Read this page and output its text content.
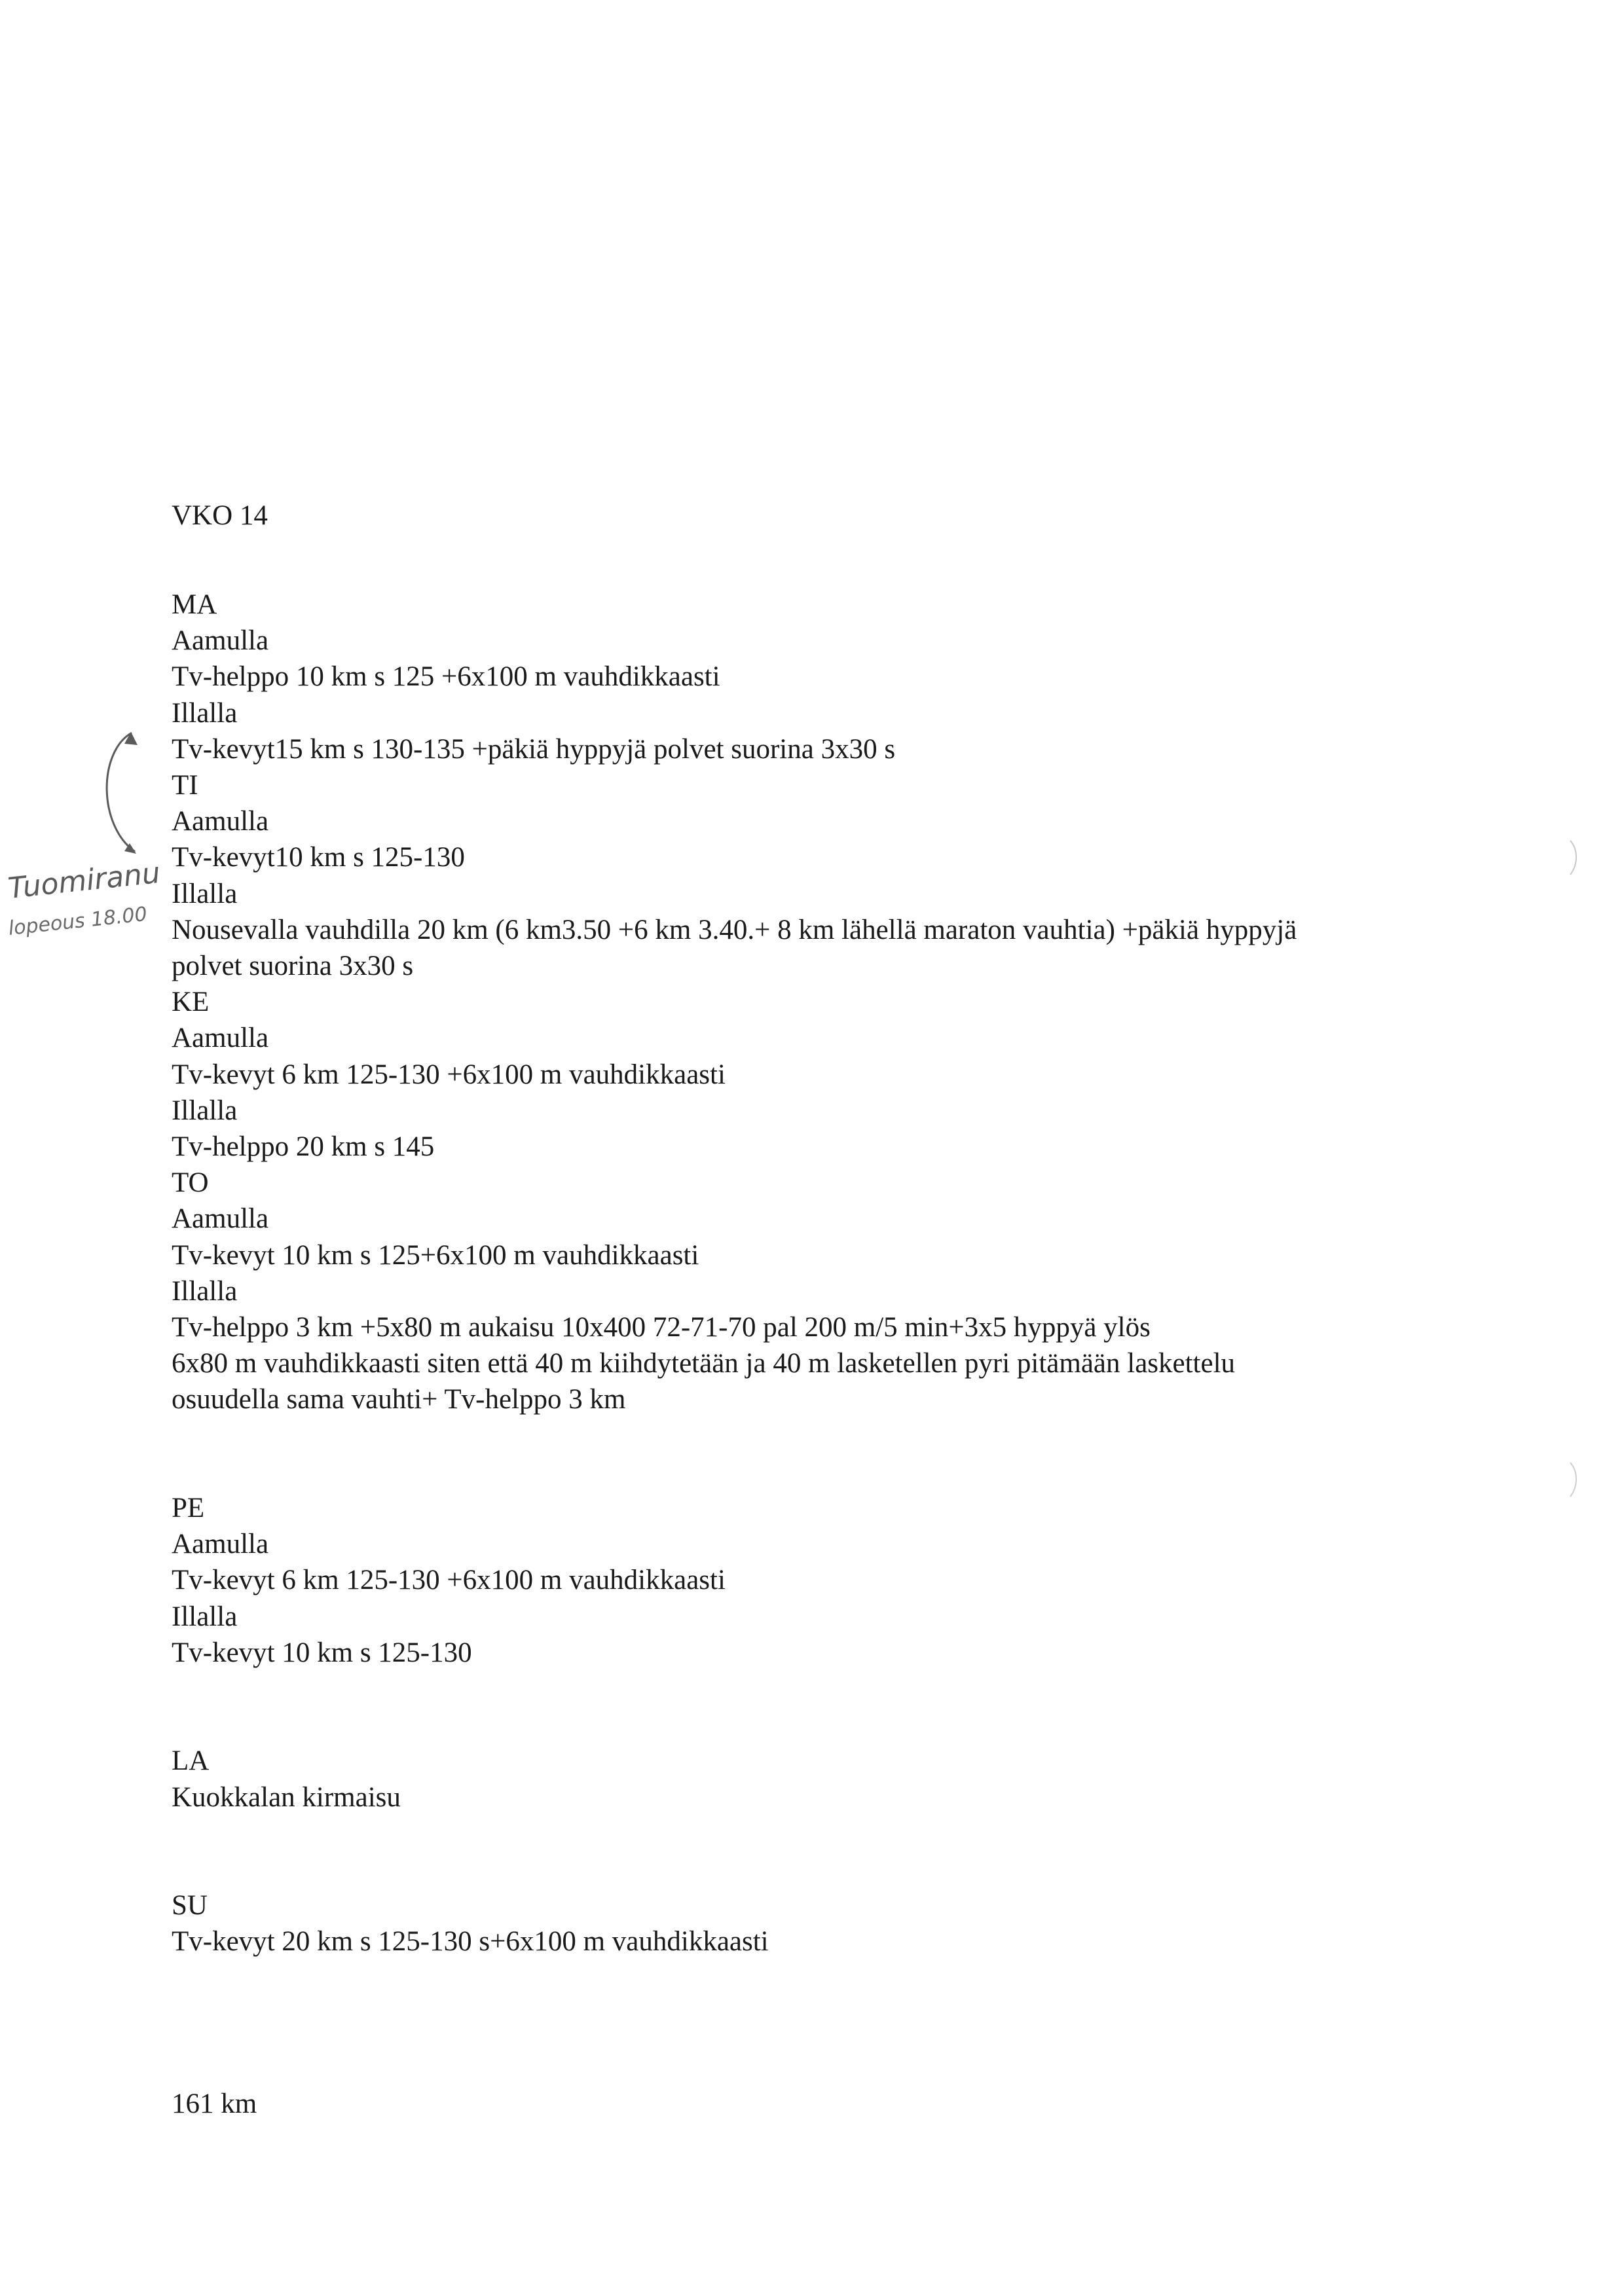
VKO 14
MA
Aamulla
Tv-helppo 10 km s 125 +6x100 m vauhdikkaasti
Illalla
Tv-kevyt15 km s 130-135 +päkiä hyppyjä polvet suorina 3x30 s
TI
Aamulla
Tv-kevyt10 km s 125-130
Illalla
Nousevalla vauhdilla 20 km (6 km3.50 +6 km 3.40.+ 8 km lähellä maraton vauhtia) +päkiä hyppyjä
polvet suorina 3x30 s
KE
Aamulla
Tv-kevyt 6 km 125-130 +6x100 m vauhdikkaasti
Illalla
Tv-helppo 20 km s 145
TO
Aamulla
Tv-kevyt 10 km s 125+6x100 m vauhdikkaasti
Illalla
Tv-helppo 3 km +5x80 m aukaisu 10x400 72-71-70 pal 200 m/5 min+3x5 hyppyä ylös
6x80 m vauhdikkaasti siten että 40 m kiihdytetään ja 40 m lasketellen pyri pitämään laskettelu
osuudella sama vauhti+ Tv-helppo 3 km
PE
Aamulla
Tv-kevyt 6 km 125-130 +6x100 m vauhdikkaasti
Illalla
Tv-kevyt 10 km s 125-130
LA
Kuokkalan kirmaisu
SU
Tv-kevyt 20 km s 125-130 s+6x100 m vauhdikkaasti
161 km
Tuomiranu
lopeous 18.00
